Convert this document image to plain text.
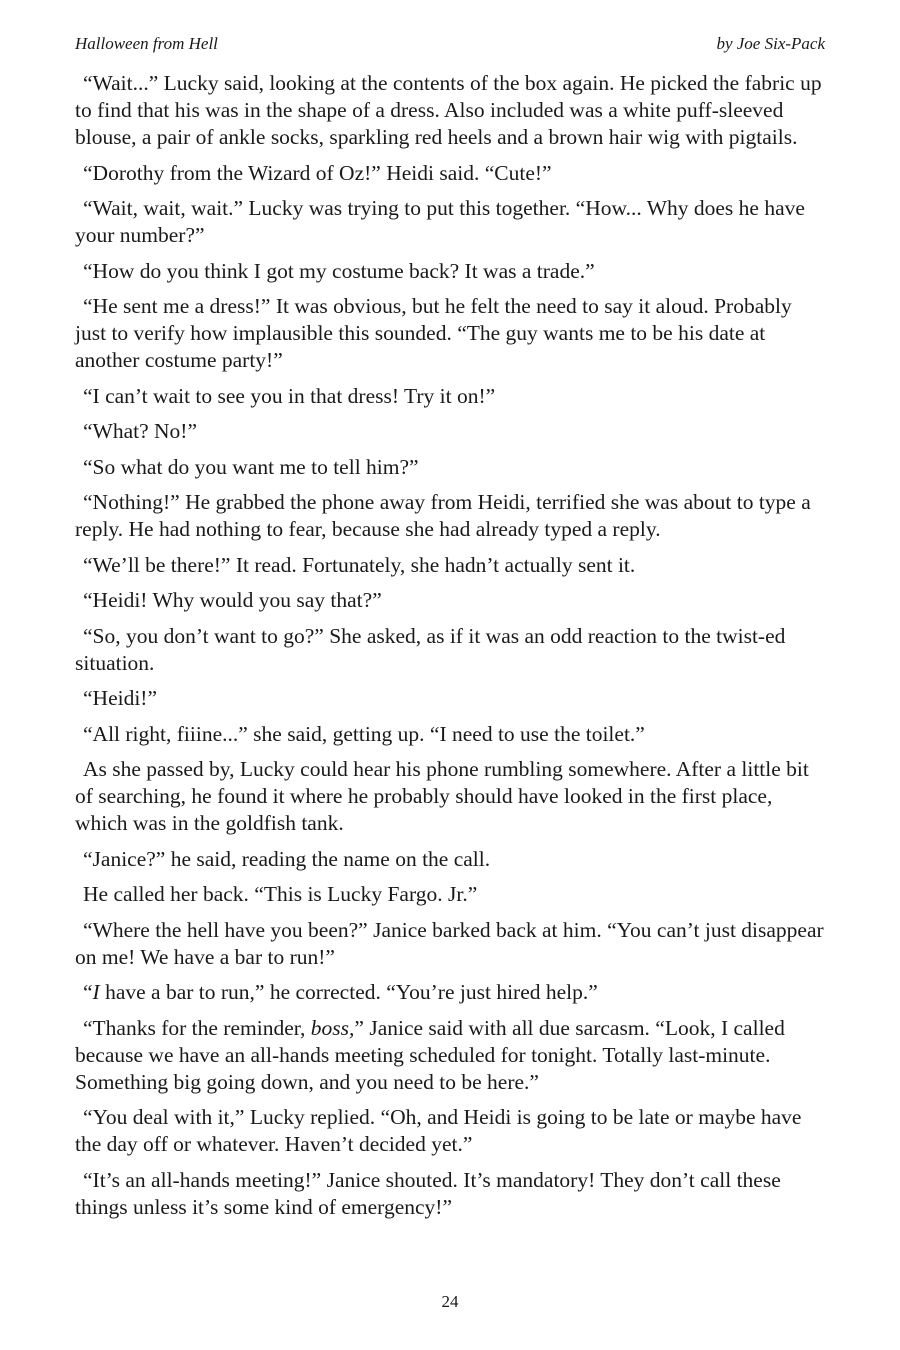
Halloween from Hell	by Joe Six-Pack

“Wait...” Lucky said, looking at the contents of the box again. He picked the fabric up to find that his was in the shape of a dress. Also included was a white puff-sleeved blouse, a pair of ankle socks, sparkling red heels and a brown hair wig with pigtails.

“Dorothy from the Wizard of Oz!” Heidi said. “Cute!”

“Wait, wait, wait.” Lucky was trying to put this together. “How... Why does he have your number?”

“How do you think I got my costume back? It was a trade.”

“He sent me a dress!” It was obvious, but he felt the need to say it aloud. Probably just to verify how implausible this sounded. “The guy wants me to be his date at another costume party!”

“I can’t wait to see you in that dress! Try it on!”

“What? No!”

“So what do you want me to tell him?”

“Nothing!” He grabbed the phone away from Heidi, terrified she was about to type a reply. He had nothing to fear, because she had already typed a reply.

“We’ll be there!” It read. Fortunately, she hadn’t actually sent it.

“Heidi! Why would you say that?”

“So, you don’t want to go?” She asked, as if it was an odd reaction to the twist-ed situation.

“Heidi!”

“All right, fiiine...” she said, getting up. “I need to use the toilet.”

As she passed by, Lucky could hear his phone rumbling somewhere. After a little bit of searching, he found it where he probably should have looked in the first place, which was in the goldfish tank.

“Janice?” he said, reading the name on the call.

He called her back. “This is Lucky Fargo. Jr.”

“Where the hell have you been?” Janice barked back at him. “You can’t just disappear on me! We have a bar to run!”

“I have a bar to run,” he corrected. “You’re just hired help.”

“Thanks for the reminder, boss,” Janice said with all due sarcasm. “Look, I called because we have an all-hands meeting scheduled for tonight. Totally last-minute. Something big going down, and you need to be here.”

“You deal with it,” Lucky replied. “Oh, and Heidi is going to be late or maybe have the day off or whatever. Haven’t decided yet.”

“It’s an all-hands meeting!” Janice shouted. It’s mandatory! They don’t call these things unless it’s some kind of emergency!”

24
